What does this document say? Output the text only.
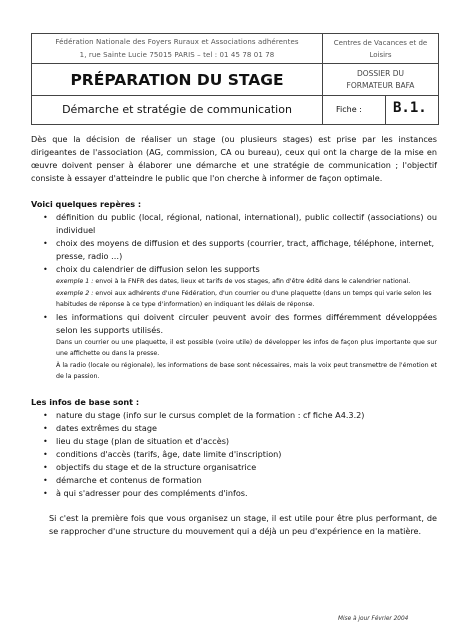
Fédération Nationale des Foyers Ruraux et Associations adhérentes
1, rue Sainte Lucie 75015 PARIS – tel : 01 45 78 01 78
Centres de Vacances et de Loisirs
PRÉPARATION DU STAGE	DOSSIER DU
FORMATEUR BAFA
Démarche et stratégie de communication	Fiche : B.1.

Dès que la décision de réaliser un stage (ou plusieurs stages) est prise par les instances dirigeantes de l'association (AG, commission, CA ou bureau), ceux qui ont la charge de la mise en œuvre doivent penser à élaborer une démarche et une stratégie de communication ; l'objectif consiste à essayer d'atteindre le public que l'on cherche à informer de façon optimale.

Voici quelques repères :

• définition du public (local, régional, national, international), public collectif (associations) ou individuel
• choix des moyens de diffusion et des supports (courrier, tract, affichage, téléphone, internet, presse, radio …)
• choix du calendrier de diffusion selon les supports
exemple 1 : envoi à la FNFR des dates, lieux et tarifs de vos stages, afin d'être édité dans le calendrier national.
exemple 2 : envoi aux adhérents d'une Fédération, d'un courrier ou d'une plaquette (dans un temps qui varie selon les habitudes de réponse à ce type d'information) en indiquant les délais de réponse.
• les informations qui doivent circuler peuvent avoir des formes différemment développées selon les supports utilisés.
Dans un courrier ou une plaquette, il est possible (voire utile) de développer les infos de façon plus importante que sur une affichette ou dans la presse.
À la radio (locale ou régionale), les informations de base sont nécessaires, mais la voix peut transmettre de l'émotion et de la passion.

Les infos de base sont :

• nature du stage (info sur le cursus complet de la formation : cf fiche A4.3.2)
• dates extrêmes du stage
• lieu du stage (plan de situation et d'accès)
• conditions d'accès (tarifs, âge, date limite d'inscription)
• objectifs du stage et de la structure organisatrice
• démarche et contenus de formation
• à qui s'adresser pour des compléments d'infos.

Si c'est la première fois que vous organisez un stage, il est utile pour être plus performant, de se rapprocher d'une structure du mouvement qui a déjà un peu d'expérience en la matière.

Mise à jour Février 2004
